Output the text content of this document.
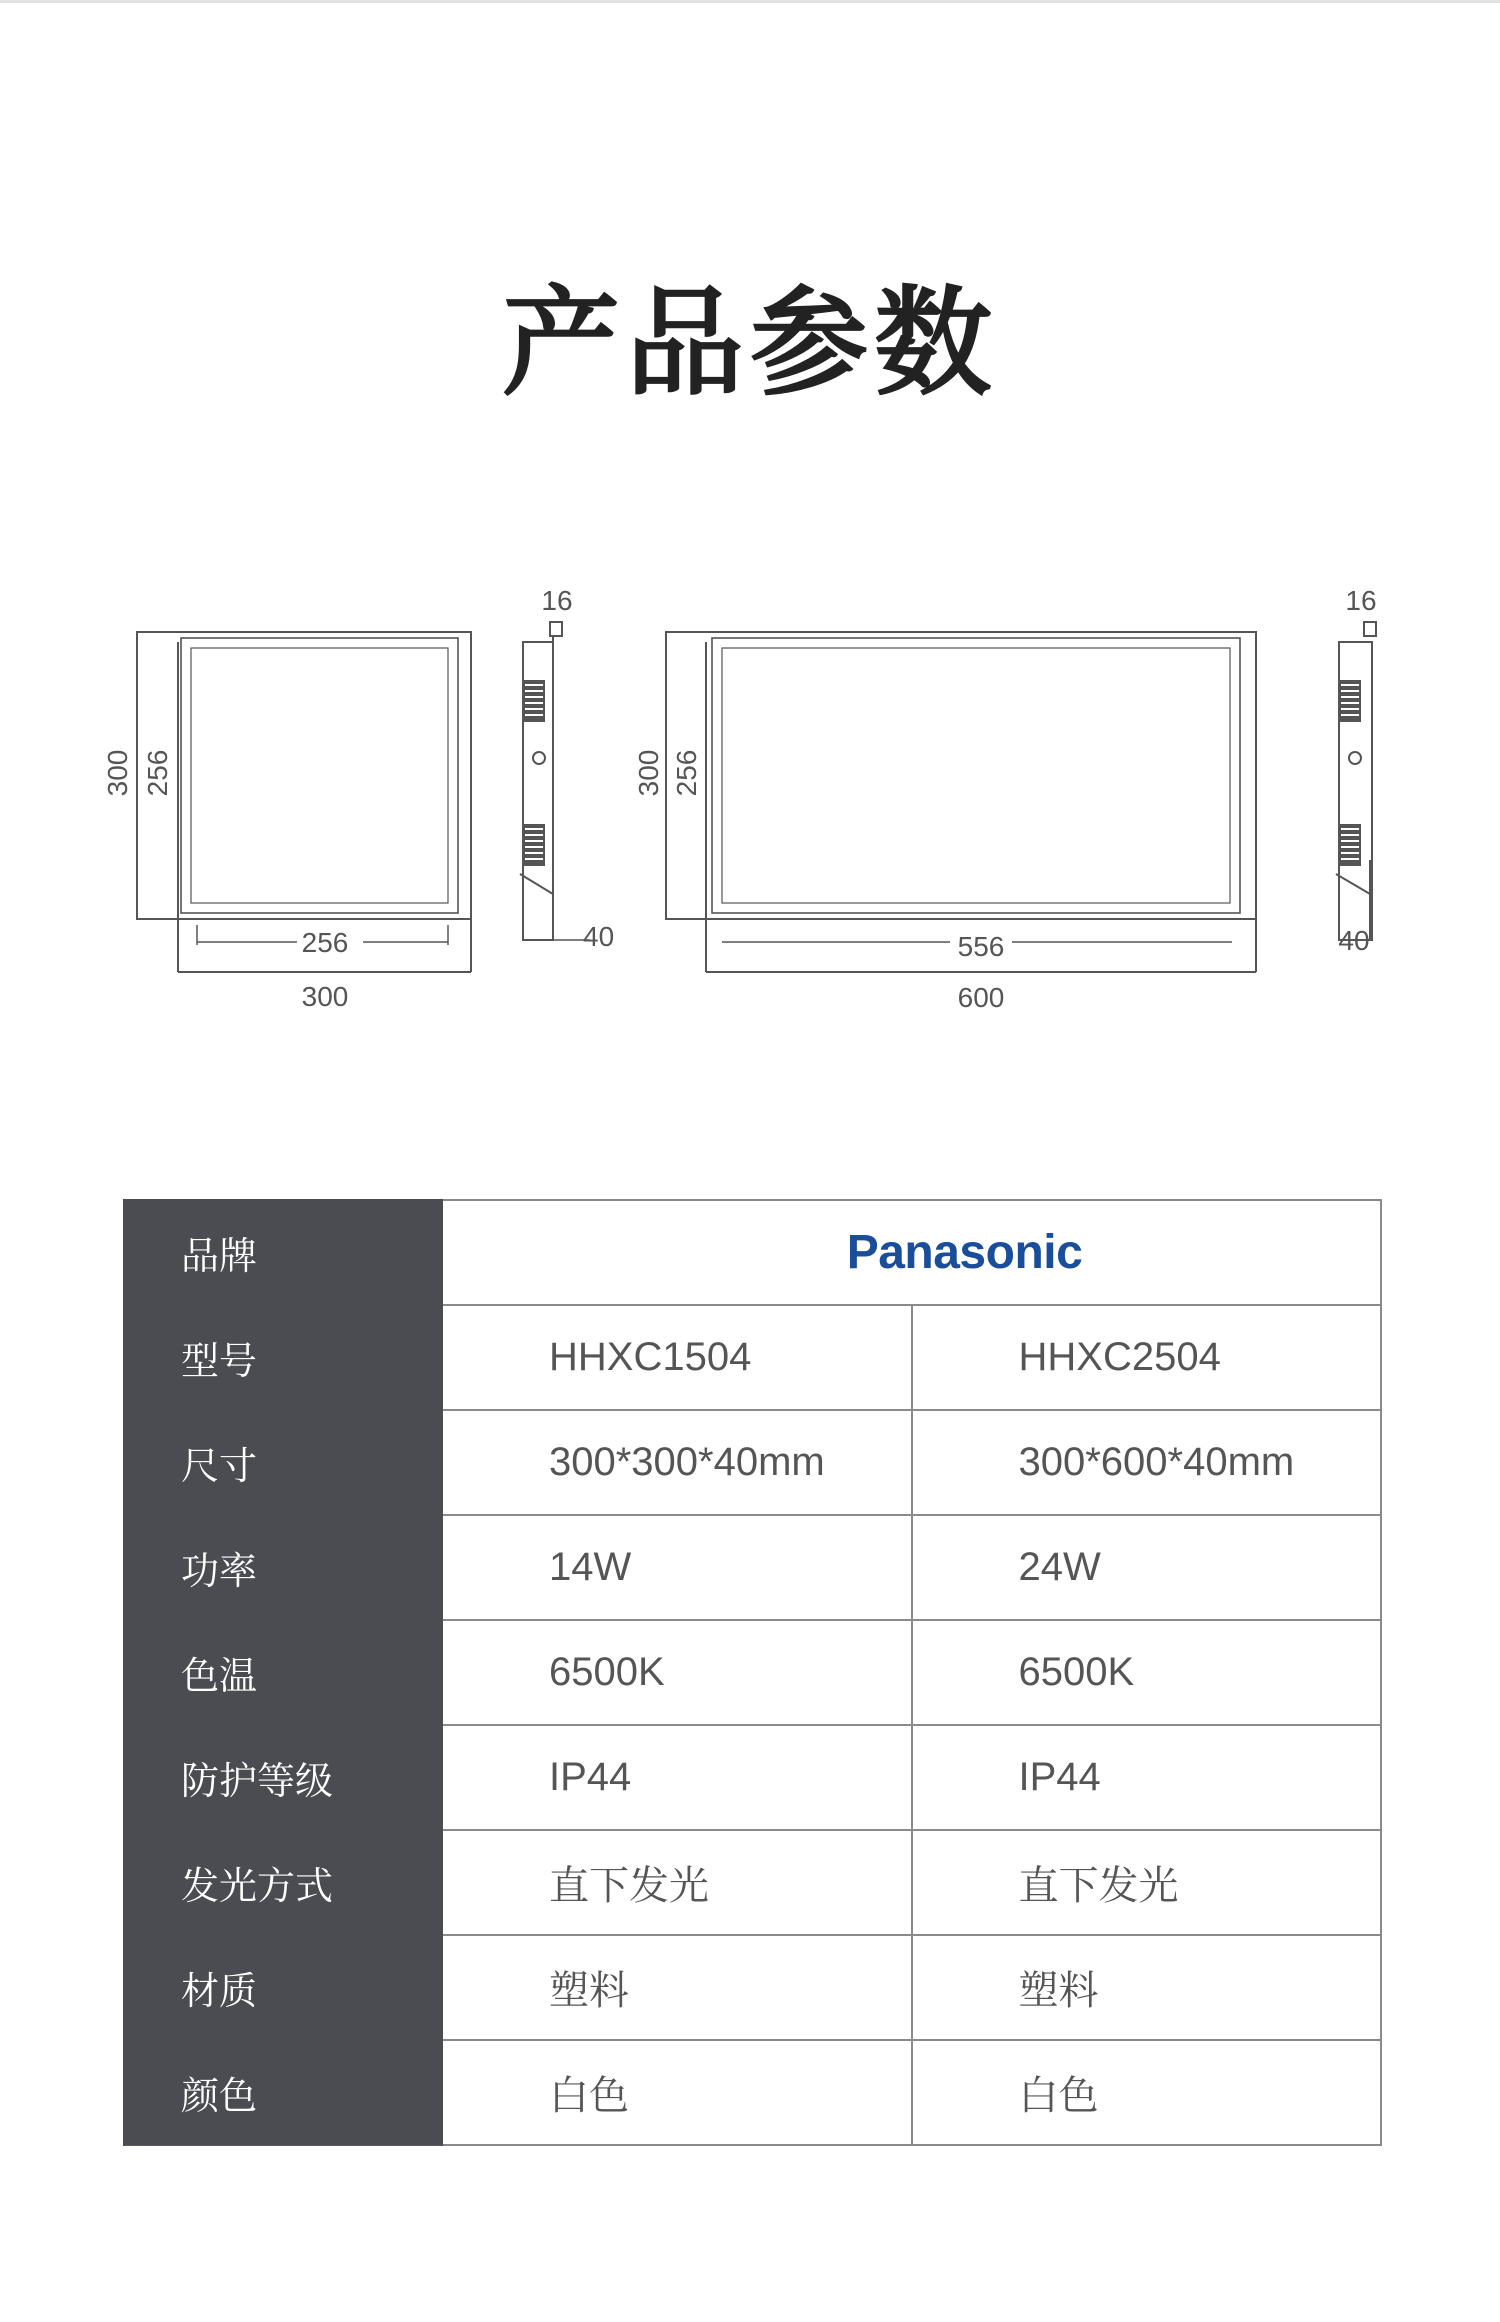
产品参数
300 256
256
300
16
40
300 256
556
600
16
40
品牌	Panasonic	
型号	HHXC1504	HHXC2504
尺寸	300*300*40mm	300*600*40mm
功率	14W	24W
色温	6500K	6500K
防护等级	IP44	IP44
发光方式	直下发光	直下发光
材质	塑料	塑料
颜色	白色	白色
